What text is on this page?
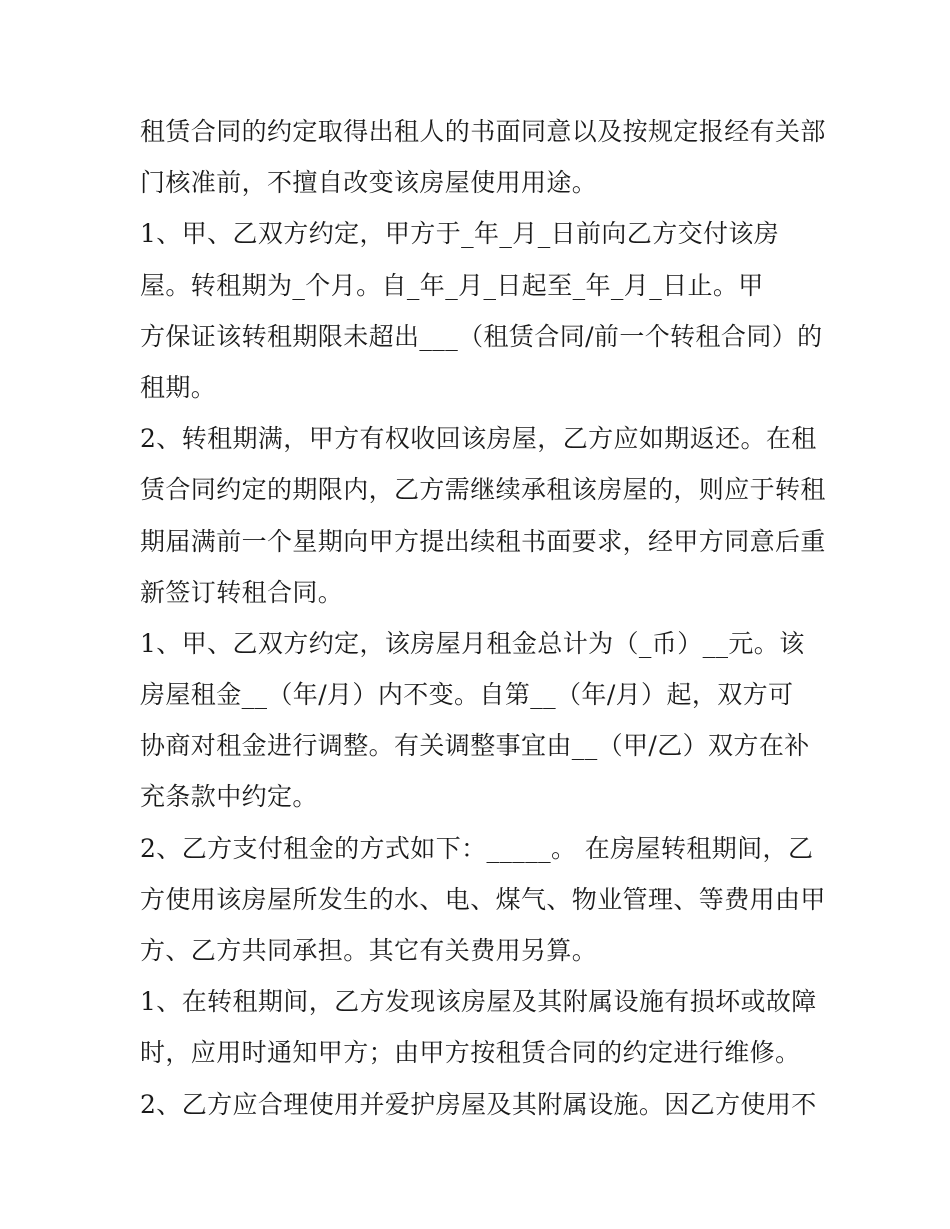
租赁合同的约定取得出租人的书面同意以及按规定报经有关部
门核准前，不擅自改变该房屋使用用途。
1、甲、乙双方约定，甲方于_年_月_日前向乙方交付该房
屋。转租期为_个月。自_年_月_日起至_年_月_日止。甲
方保证该转租期限未超出___（租赁合同/前一个转租合同）的
租期。
2、转租期满，甲方有权收回该房屋，乙方应如期返还。在租
赁合同约定的期限内，乙方需继续承租该房屋的，则应于转租
期届满前一个星期向甲方提出续租书面要求，经甲方同意后重
新签订转租合同。
1、甲、乙双方约定，该房屋月租金总计为（_币）__元。该
房屋租金__（年/月）内不变。自第__（年/月）起，双方可
协商对租金进行调整。有关调整事宜由__（甲/乙）双方在补
充条款中约定。
2、乙方支付租金的方式如下：_____。 在房屋转租期间，乙
方使用该房屋所发生的水、电、煤气、物业管理、等费用由甲
方、乙方共同承担。其它有关费用另算。
1、在转租期间，乙方发现该房屋及其附属设施有损坏或故障
时，应用时通知甲方；由甲方按租赁合同的约定进行维修。
2、乙方应合理使用并爱护房屋及其附属设施。因乙方使用不
